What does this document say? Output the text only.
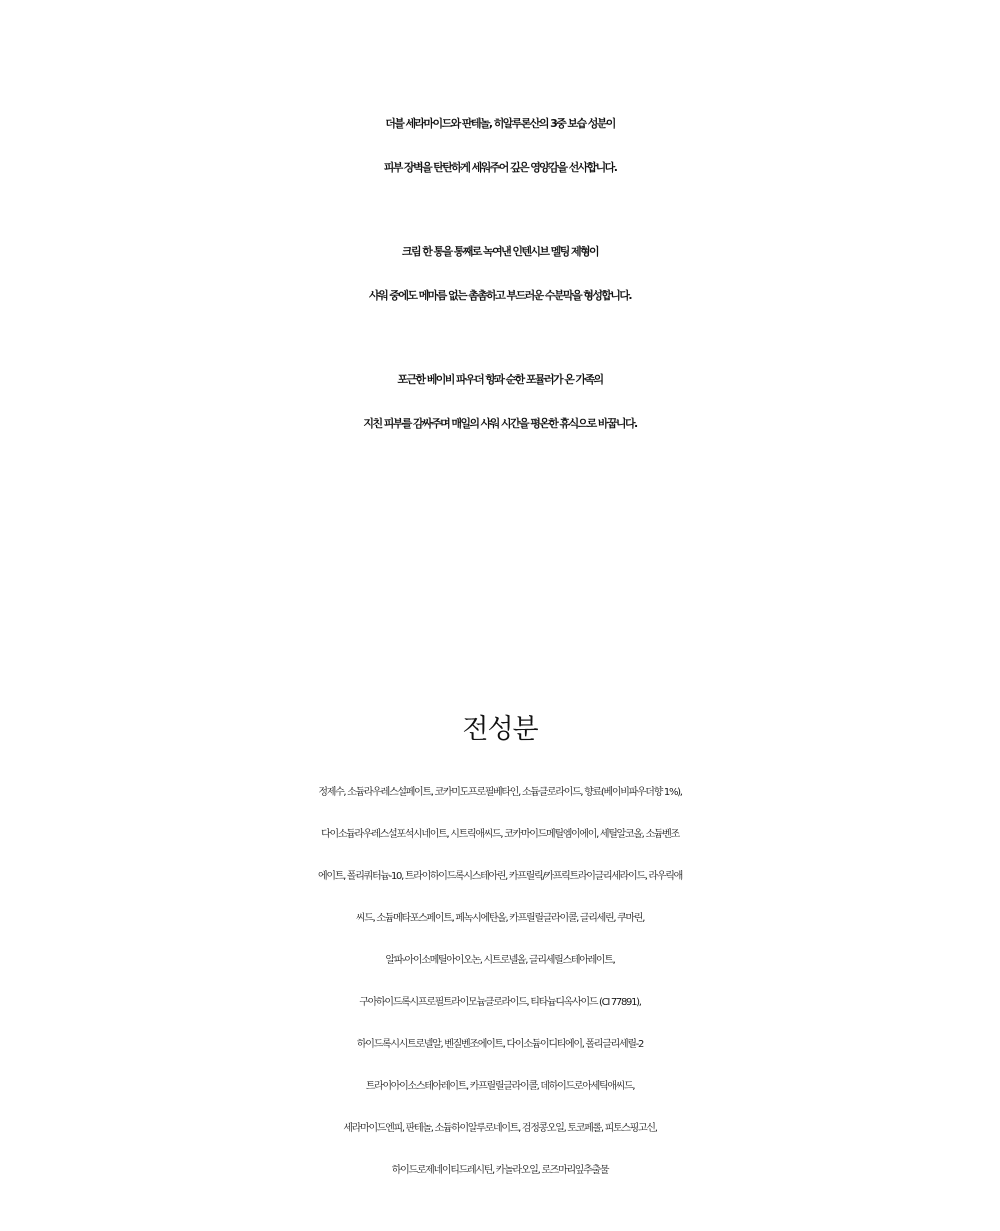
더블 세라마이드와 판테놀, 히알루론산의 3중 보습 성분이
피부 장벽을 탄탄하게 세워주어 깊은 영양감을 선사합니다.

크림 한 통을 통째로 녹여낸 인텐시브 멜팅 제형이
샤워 중에도 메마름 없는 촘촘하고 부드러운 수분막을 형성합니다.

포근한 베이비 파우더 향과 순한 포뮬러가 온 가족의
지친 피부를 감싸주며 매일의 샤워 시간을 평온한 휴식으로 바꿉니다.

전성분
정제수, 소듐라우레스설페이트, 코카미도프로필베타인, 소듐클로라이드, 향료(베이비파우더향 1%),
다이소듐라우레스설포석시네이트, 시트릭애씨드, 코카마이드메틸엠이에이, 세틸알코올, 소듐벤조
에이트, 폴리쿼터늄-10, 트라이하이드록시스테아린, 카프릴릭/카프릭트라이글리세라이드, 라우릭애
씨드, 소듐메타포스페이트, 페녹시에탄올, 카프릴릴글라이콜, 글리세린, 쿠마린,
알파-아이소메틸아이오논, 시트로넬올, 글리세릴스테아레이트,
구아하이드록시프로필트라이모늄클로라이드, 티타늄디옥사이드 (CI 77891),
하이드록시시트로넬알, 벤질벤조에이트, 다이소듐이디티에이, 폴리글리세릴-2
트라이아이소스테아레이트, 카프릴릴글라이콜, 데하이드로아세틱애씨드,
세라마이드엔피, 판테놀, 소듐하이알루로네이트, 검정콩오일, 토코페롤, 피토스핑고신,
하이드로제네이티드레시틴, 카놀라오일, 로즈마리잎추출물
